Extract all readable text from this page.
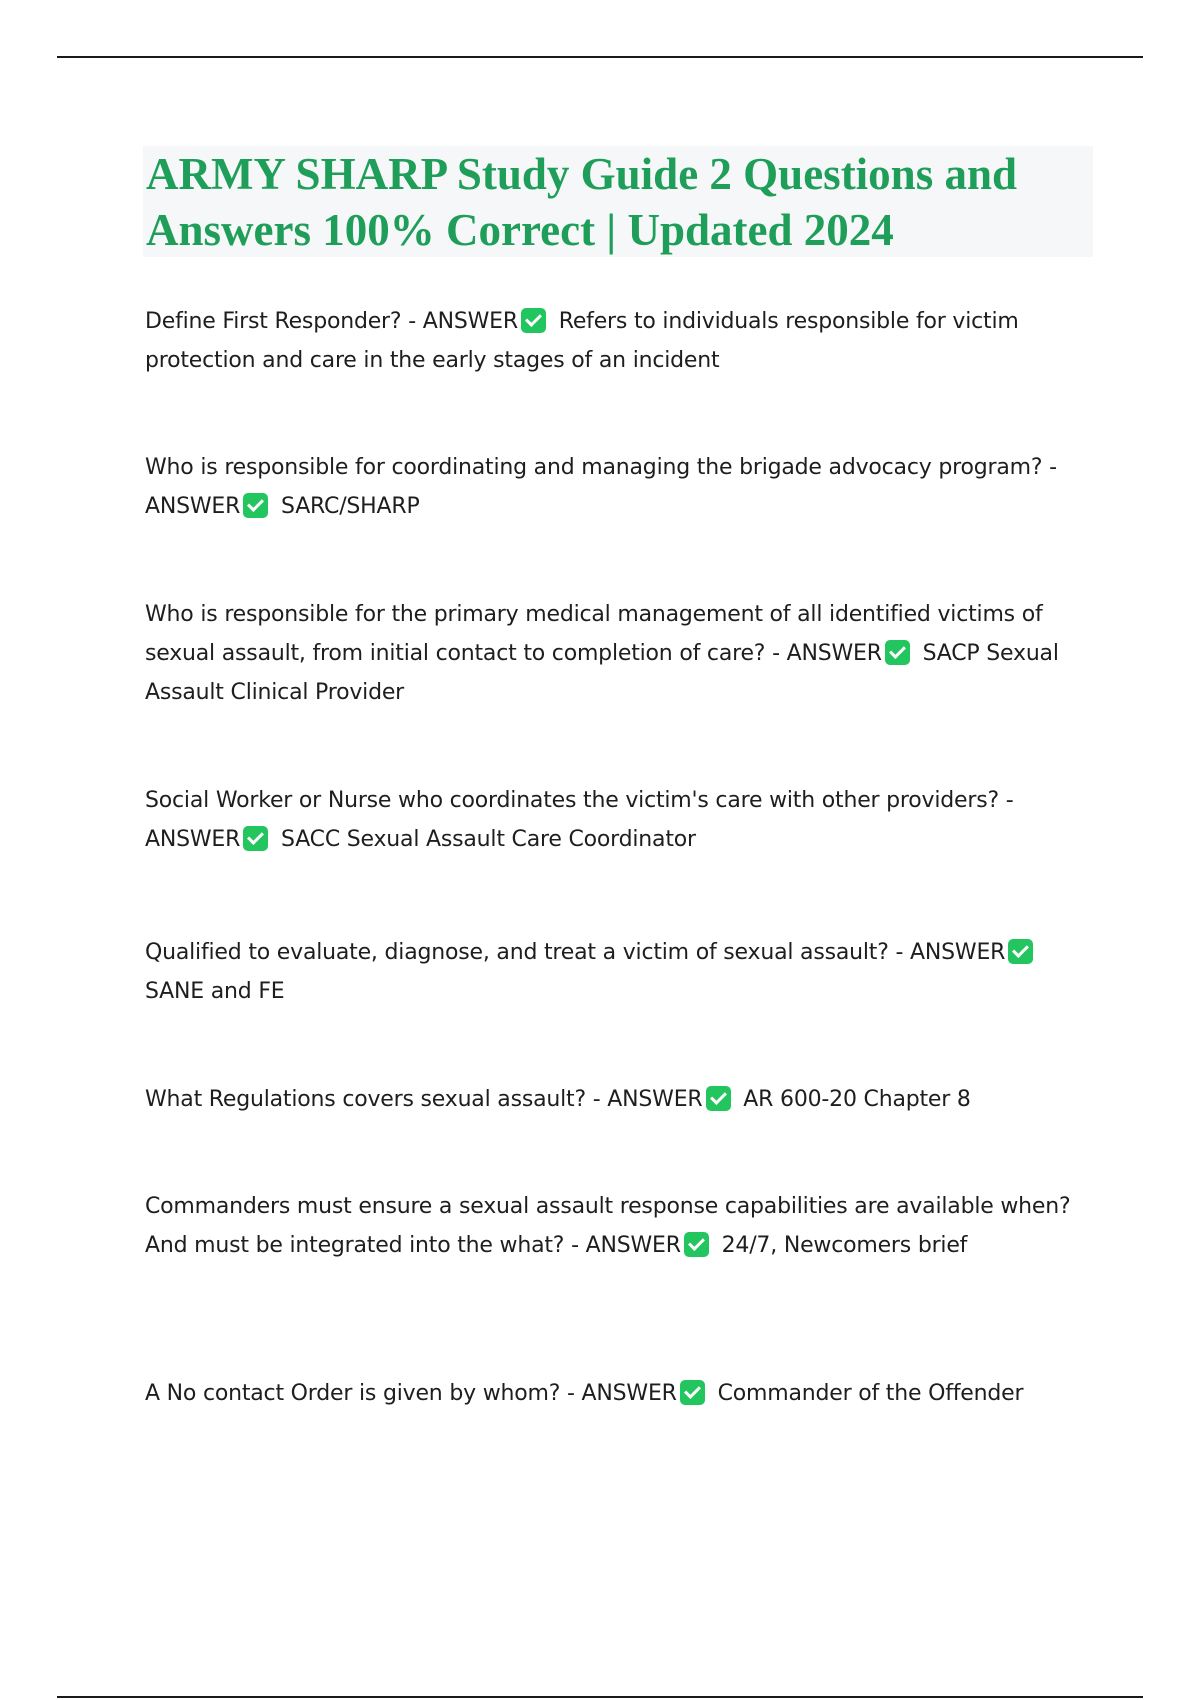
ARMY SHARP Study Guide 2 Questions and Answers 100% Correct | Updated 2024

Define First Responder? - ANSWER Refers to individuals responsible for victim protection and care in the early stages of an incident

Who is responsible for coordinating and managing the brigade advocacy program? - ANSWER SARC/SHARP

Who is responsible for the primary medical management of all identified victims of sexual assault, from initial contact to completion of care? - ANSWER SACP Sexual Assault Clinical Provider

Social Worker or Nurse who coordinates the victim's care with other providers? - ANSWER SACC Sexual Assault Care Coordinator

Qualified to evaluate, diagnose, and treat a victim of sexual assault? - ANSWER SANE and FE

What Regulations covers sexual assault? - ANSWER AR 600-20 Chapter 8

Commanders must ensure a sexual assault response capabilities are available when? And must be integrated into the what? - ANSWER 24/7, Newcomers brief

A No contact Order is given by whom? - ANSWER Commander of the Offender
